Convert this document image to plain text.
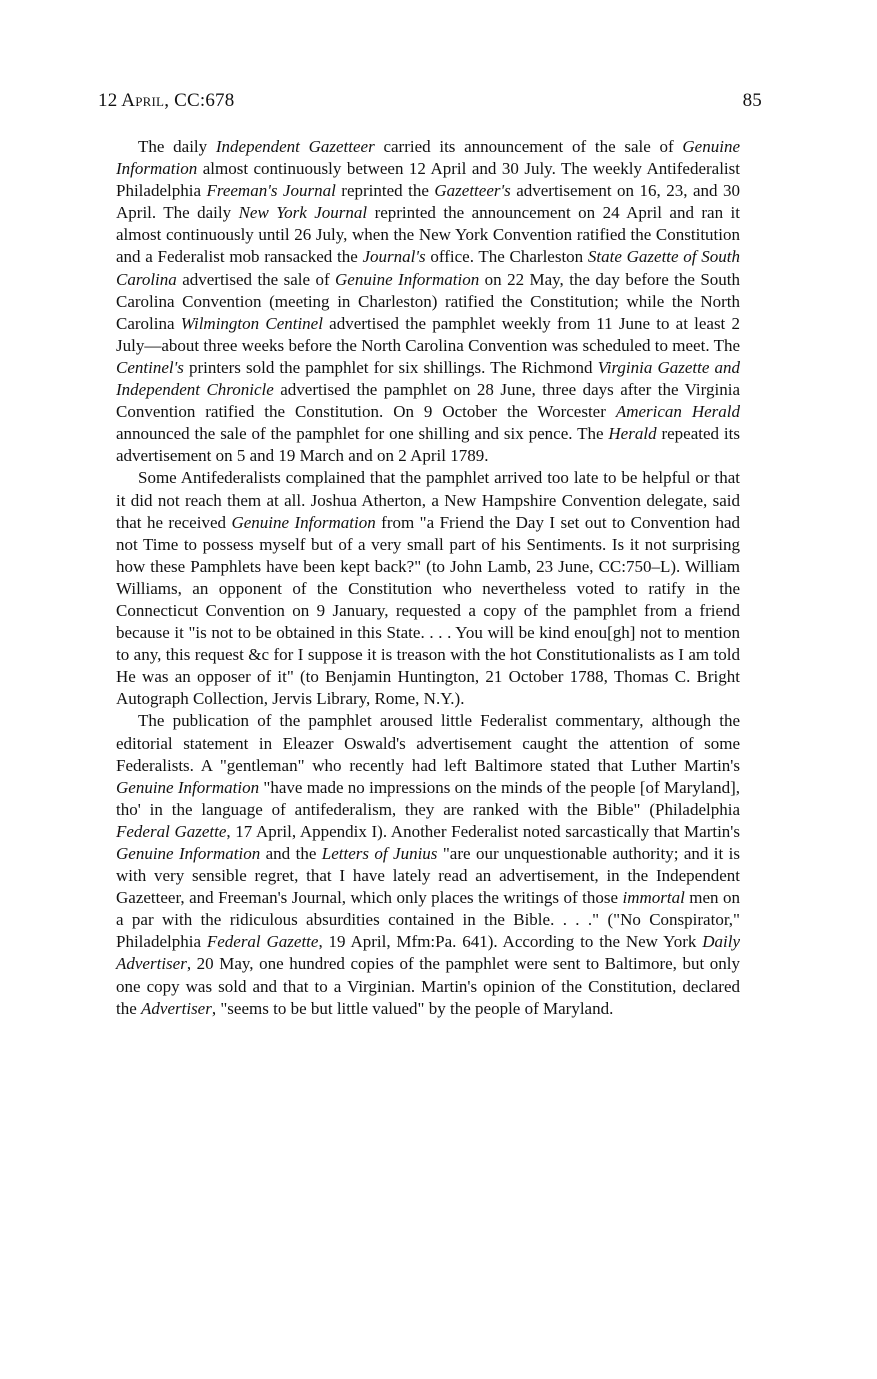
12 April, CC:678	85

The daily Independent Gazetteer carried its announcement of the sale of Genuine Information almost continuously between 12 April and 30 July. The weekly Antifederalist Philadelphia Freeman's Journal reprinted the Gazetteer's advertisement on 16, 23, and 30 April. The daily New York Journal reprinted the announcement on 24 April and ran it almost continuously until 26 July, when the New York Convention ratified the Constitution and a Federalist mob ransacked the Journal's office. The Charleston State Gazette of South Carolina advertised the sale of Genuine Information on 22 May, the day before the South Carolina Convention (meeting in Charleston) ratified the Constitution; while the North Carolina Wilmington Centinel advertised the pamphlet weekly from 11 June to at least 2 July—about three weeks before the North Carolina Convention was scheduled to meet. The Centinel's printers sold the pamphlet for six shillings. The Richmond Virginia Gazette and Independent Chronicle advertised the pamphlet on 28 June, three days after the Virginia Convention ratified the Constitution. On 9 October the Worcester American Herald announced the sale of the pamphlet for one shilling and six pence. The Herald repeated its advertisement on 5 and 19 March and on 2 April 1789.

Some Antifederalists complained that the pamphlet arrived too late to be helpful or that it did not reach them at all. Joshua Atherton, a New Hampshire Convention delegate, said that he received Genuine Information from "a Friend the Day I set out to Convention had not Time to possess myself but of a very small part of his Sentiments. Is it not surprising how these Pamphlets have been kept back?" (to John Lamb, 23 June, CC:750–L). William Williams, an opponent of the Constitution who nevertheless voted to ratify in the Connecticut Convention on 9 January, requested a copy of the pamphlet from a friend because it "is not to be obtained in this State. . . . You will be kind enou[gh] not to mention to any, this request &c for I suppose it is treason with the hot Constitutionalists as I am told He was an opposer of it" (to Benjamin Huntington, 21 October 1788, Thomas C. Bright Autograph Collection, Jervis Library, Rome, N.Y.).

The publication of the pamphlet aroused little Federalist commentary, although the editorial statement in Eleazer Oswald's advertisement caught the attention of some Federalists. A "gentleman" who recently had left Baltimore stated that Luther Martin's Genuine Information "have made no impressions on the minds of the people [of Maryland], tho' in the language of antifederalism, they are ranked with the Bible" (Philadelphia Federal Gazette, 17 April, Appendix I). Another Federalist noted sarcastically that Martin's Genuine Information and the Letters of Junius "are our unquestionable authority; and it is with very sensible regret, that I have lately read an advertisement, in the Independent Gazetteer, and Freeman's Journal, which only places the writings of those immortal men on a par with the ridiculous absurdities contained in the Bible. . . ." ("No Conspirator," Philadelphia Federal Gazette, 19 April, Mfm:Pa. 641). According to the New York Daily Advertiser, 20 May, one hundred copies of the pamphlet were sent to Baltimore, but only one copy was sold and that to a Virginian. Martin's opinion of the Constitution, declared the Advertiser, "seems to be but little valued" by the people of Maryland.
